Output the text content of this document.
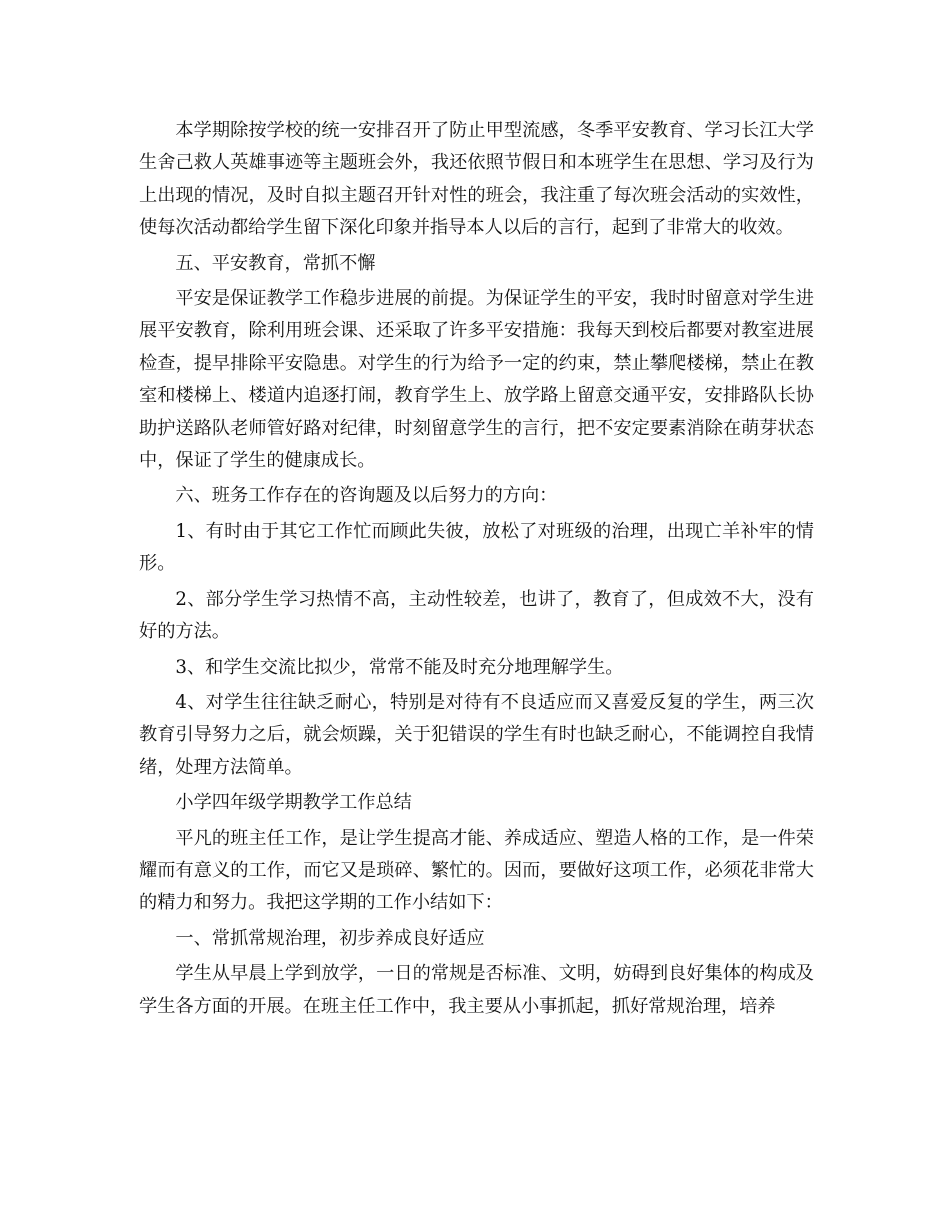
本学期除按学校的统一安排召开了防止甲型流感，冬季平安教育、学习长江大学生舍己救人英雄事迹等主题班会外，我还依照节假日和本班学生在思想、学习及行为上出现的情况，及时自拟主题召开针对性的班会，我注重了每次班会活动的实效性，使每次活动都给学生留下深化印象并指导本人以后的言行，起到了非常大的收效。

五、平安教育，常抓不懈

平安是保证教学工作稳步进展的前提。为保证学生的平安，我时时留意对学生进展平安教育，除利用班会课、还采取了许多平安措施：我每天到校后都要对教室进展检查，提早排除平安隐患。对学生的行为给予一定的约束，禁止攀爬楼梯，禁止在教室和楼梯上、楼道内追逐打闹，教育学生上、放学路上留意交通平安，安排路队长协助护送路队老师管好路对纪律，时刻留意学生的言行，把不安定要素消除在萌芽状态中，保证了学生的健康成长。

六、班务工作存在的咨询题及以后努力的方向：

1、有时由于其它工作忙而顾此失彼，放松了对班级的治理，出现亡羊补牢的情形。

2、部分学生学习热情不高，主动性较差，也讲了，教育了，但成效不大，没有好的方法。

3、和学生交流比拟少，常常不能及时充分地理解学生。

4、对学生往往缺乏耐心，特别是对待有不良适应而又喜爱反复的学生，两三次教育引导努力之后，就会烦躁，关于犯错误的学生有时也缺乏耐心，不能调控自我情绪，处理方法简单。

小学四年级学期教学工作总结

平凡的班主任工作，是让学生提高才能、养成适应、塑造人格的工作，是一件荣耀而有意义的工作，而它又是琐碎、繁忙的。因而，要做好这项工作，必须花非常大的精力和努力。我把这学期的工作小结如下：

一、常抓常规治理，初步养成良好适应

学生从早晨上学到放学，一日的常规是否标准、文明，妨碍到良好集体的构成及学生各方面的开展。在班主任工作中，我主要从小事抓起，抓好常规治理，培养
